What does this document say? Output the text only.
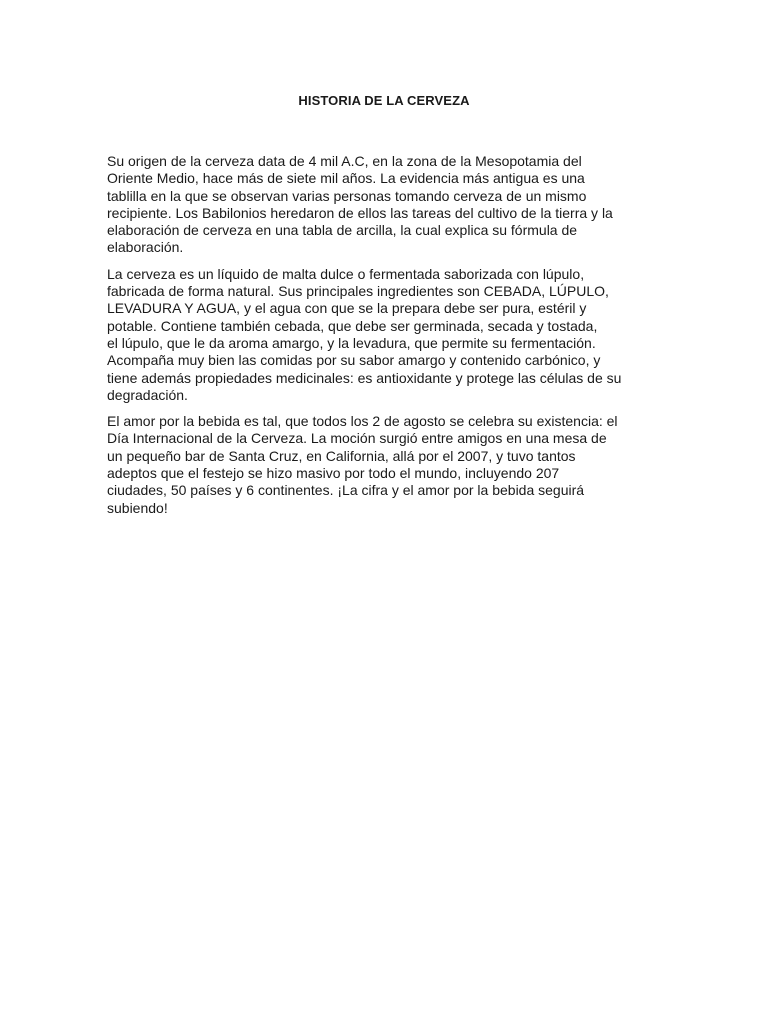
HISTORIA DE LA CERVEZA

Su origen de la cerveza data de 4 mil A.C, en la zona de la Mesopotamia del
Oriente Medio, hace más de siete mil años. La evidencia más antigua es una
tablilla en la que se observan varias personas tomando cerveza de un mismo
recipiente. Los Babilonios heredaron de ellos las tareas del cultivo de la tierra y la
elaboración de cerveza en una tabla de arcilla, la cual explica su fórmula de
elaboración.

La cerveza es un líquido de malta dulce o fermentada saborizada con lúpulo,
fabricada de forma natural. Sus principales ingredientes son CEBADA, LÚPULO,
LEVADURA Y AGUA, y el agua con que se la prepara debe ser pura, estéril y
potable. Contiene también cebada, que debe ser germinada, secada y tostada,
el lúpulo, que le da aroma amargo, y la levadura, que permite su fermentación.
Acompaña muy bien las comidas por su sabor amargo y contenido carbónico, y
tiene además propiedades medicinales: es antioxidante y protege las células de su
degradación.

El amor por la bebida es tal, que todos los 2 de agosto se celebra su existencia: el
Día Internacional de la Cerveza. La moción surgió entre amigos en una mesa de
un pequeño bar de Santa Cruz, en California, allá por el 2007, y tuvo tantos
adeptos que el festejo se hizo masivo por todo el mundo, incluyendo 207
ciudades, 50 países y 6 continentes. ¡La cifra y el amor por la bebida seguirá
subiendo!
